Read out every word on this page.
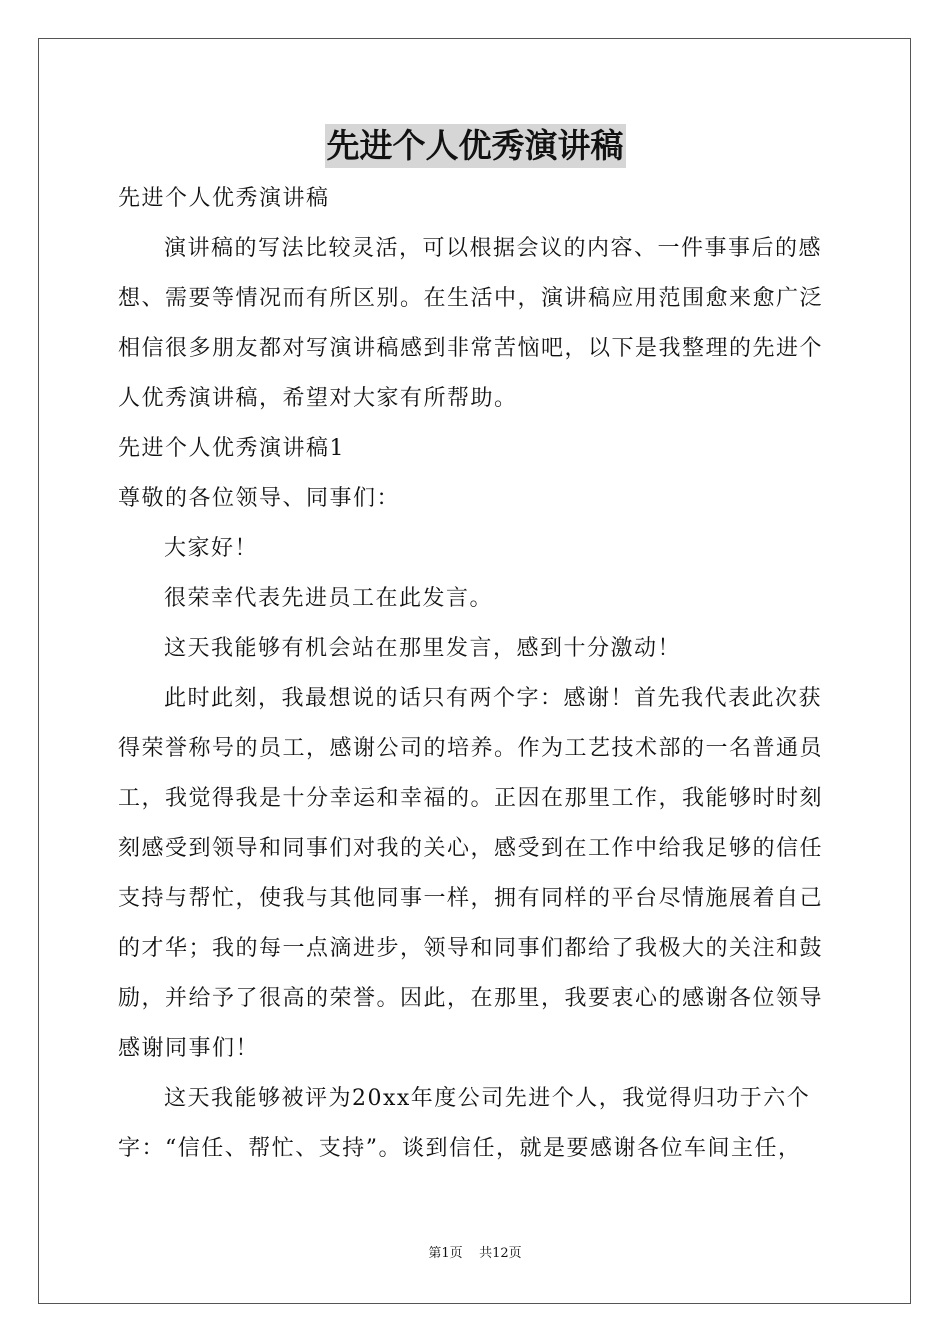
先进个人优秀演讲稿
先进个人优秀演讲稿
演讲稿的写法比较灵活，可以根据会议的内容、一件事事后的感
想、需要等情况而有所区别。在生活中，演讲稿应用范围愈来愈广泛
相信很多朋友都对写演讲稿感到非常苦恼吧，以下是我整理的先进个
人优秀演讲稿，希望对大家有所帮助。
先进个人优秀演讲稿1
尊敬的各位领导、同事们：
大家好！
很荣幸代表先进员工在此发言。
这天我能够有机会站在那里发言，感到十分激动！
此时此刻，我最想说的话只有两个字：感谢！首先我代表此次获
得荣誉称号的员工，感谢公司的培养。作为工艺技术部的一名普通员
工，我觉得我是十分幸运和幸福的。正因在那里工作，我能够时时刻
刻感受到领导和同事们对我的关心，感受到在工作中给我足够的信任
支持与帮忙，使我与其他同事一样，拥有同样的平台尽情施展着自己
的才华；我的每一点滴进步，领导和同事们都给了我极大的关注和鼓
励，并给予了很高的荣誉。因此，在那里，我要衷心的感谢各位领导
感谢同事们！
这天我能够被评为20xx年度公司先进个人，我觉得归功于六个
字：“信任、帮忙、支持”。谈到信任，就是要感谢各位车间主任，
第1页 共12页
